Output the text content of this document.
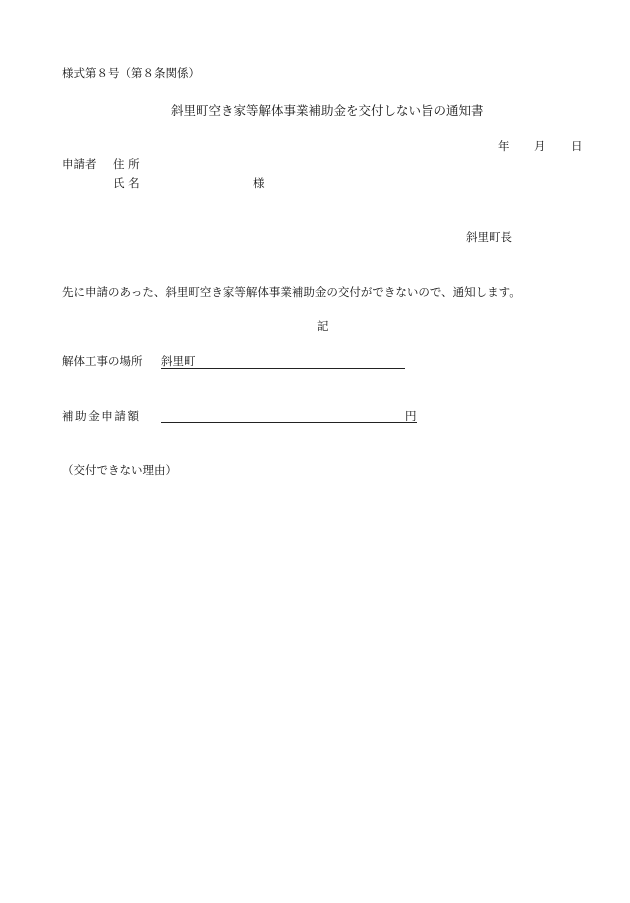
様式第８号（第８条関係）
斜里町空き家等解体事業補助金を交付しない旨の通知書
年 月 日
申請者 住 所
氏 名	様
斜里町長
先に申請のあった、斜里町空き家等解体事業補助金の交付ができないので、通知します。
記
解体工事の場所 斜里町
補助金申請額	円
（交付できない理由）
